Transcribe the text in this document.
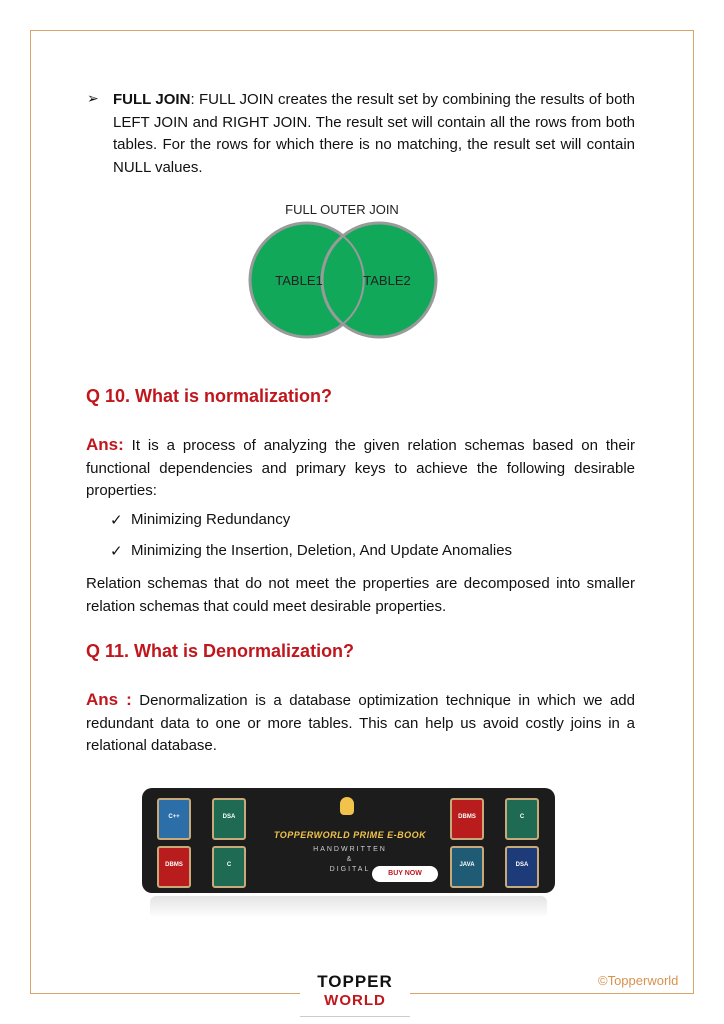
➢ FULL JOIN: FULL JOIN creates the result set by combining the results of both LEFT JOIN and RIGHT JOIN. The result set will contain all the rows from both tables. For the rows for which there is no matching, the result set will contain NULL values.
FULL OUTER JOIN
TABLE1	TABLE2
Q 10. What is normalization?
Ans: It is a process of analyzing the given relation schemas based on their functional dependencies and primary keys to achieve the following desirable properties:
✓ Minimizing Redundancy
✓ Minimizing the Insertion, Deletion, And Update Anomalies
Relation schemas that do not meet the properties are decomposed into smaller relation schemas that could meet desirable properties.
Q 11. What is Denormalization?
Ans : Denormalization is a database optimization technique in which we add redundant data to one or more tables. This can help us avoid costly joins in a relational database.
C++	DSA
DBMS	C
DBMS	C
JAVA	DSA
TOPPERWORLD PRIME E-BOOK
HANDWRITTEN
&
DIGITAL
BUY NOW
©Topperworld
TOPPER
WORLD
